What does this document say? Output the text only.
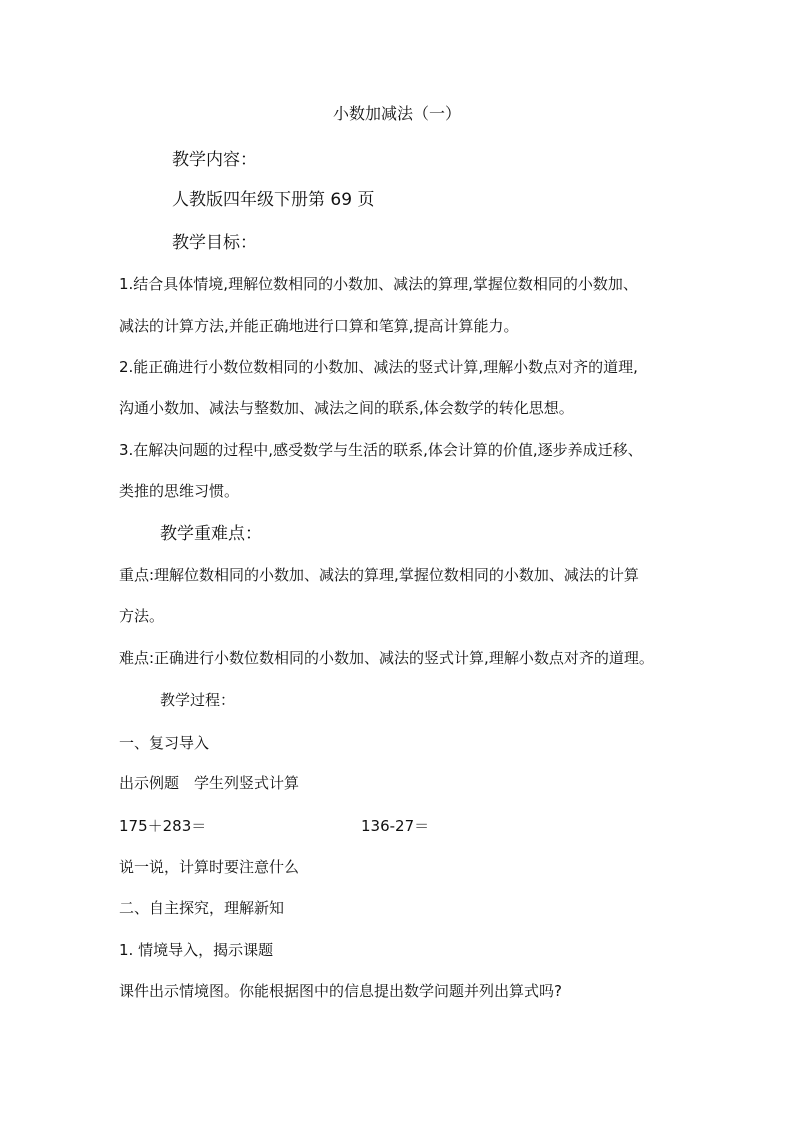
小数加减法（一）
教学内容：
人教版四年级下册第 69 页
教学目标：
1.结合具体情境,理解位数相同的小数加、减法的算理,掌握位数相同的小数加、
减法的计算方法,并能正确地进行口算和笔算,提高计算能力。
2.能正确进行小数位数相同的小数加、减法的竖式计算,理解小数点对齐的道理,
沟通小数加、减法与整数加、减法之间的联系,体会数学的转化思想。
3.在解决问题的过程中,感受数学与生活的联系,体会计算的价值,逐步养成迁移、
类推的思维习惯。
教学重难点：
重点:理解位数相同的小数加、减法的算理,掌握位数相同的小数加、减法的计算
方法。
难点:正确进行小数位数相同的小数加、减法的竖式计算,理解小数点对齐的道理。
教学过程：
一、复习导入
出示例题　学生列竖式计算
175＋283＝	136-27＝
说一说，计算时要注意什么
二、自主探究，理解新知
1. 情境导入，揭示课题
课件出示情境图。你能根据图中的信息提出数学问题并列出算式吗?
